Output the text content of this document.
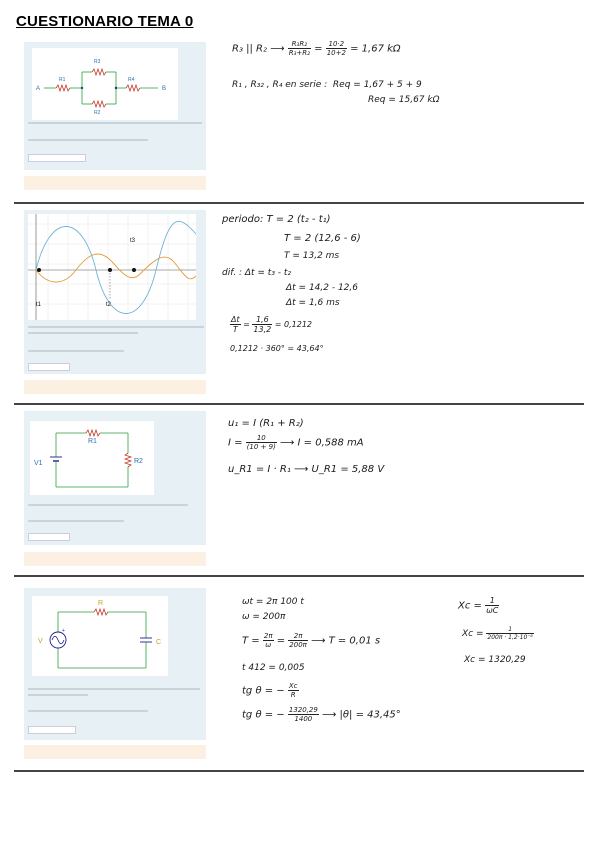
CUESTIONARIO TEMA 0
A
R1
R3
R2
R4
B
R₃ || R₂ ⟶ $\frac{\text{R₃R₂}}{\text{R₃+R₂}} = \frac{10\cdot 2}{10+2} = 1,67$ kΩ
R₁ , R₃₂ , R₄ en serie : Req = 1,67 + 5 + 9
Req = 15,67 kΩ
t1	t2
t3
periodo: T = 2 (t₂ - t₁)
T = 2 (12,6 - 6)
T = 13,2 ms
dif. : Δt = t₃ - t₂
Δt = 14,2 - 12,6
Δt = 1,6 ms
$\frac{\Delta t}{T} = \frac{1,6}{13,2} = 0,1212$
0,1212 · 360° = 43,64°
R1
R2
V1
u₁ = I (R₁ + R₂)
$I = \frac{10}{(10 + 9)}$ ⟶ I = 0,588 mA
u_R1 = I · R₁ ⟶ U_R1 = 5,88 V
R
C
+
V
ωt = 2π 100 t
ω = 200π
$T = \frac{2\pi}{\omega} = \frac{2\pi}{200\pi}$ ⟶ T = 0,01 s
t 412 = 0,005
tg θ = − $\frac{Xc}{R}$
tg θ = − $\frac{1320,29}{1400}$ ⟶ |θ| = 43,45°
$Xc = \frac{1}{\omega C}$
$Xc = \frac{1}{\text{200π · 1,2·10⁻⁶}}$
Xc = 1320,29
